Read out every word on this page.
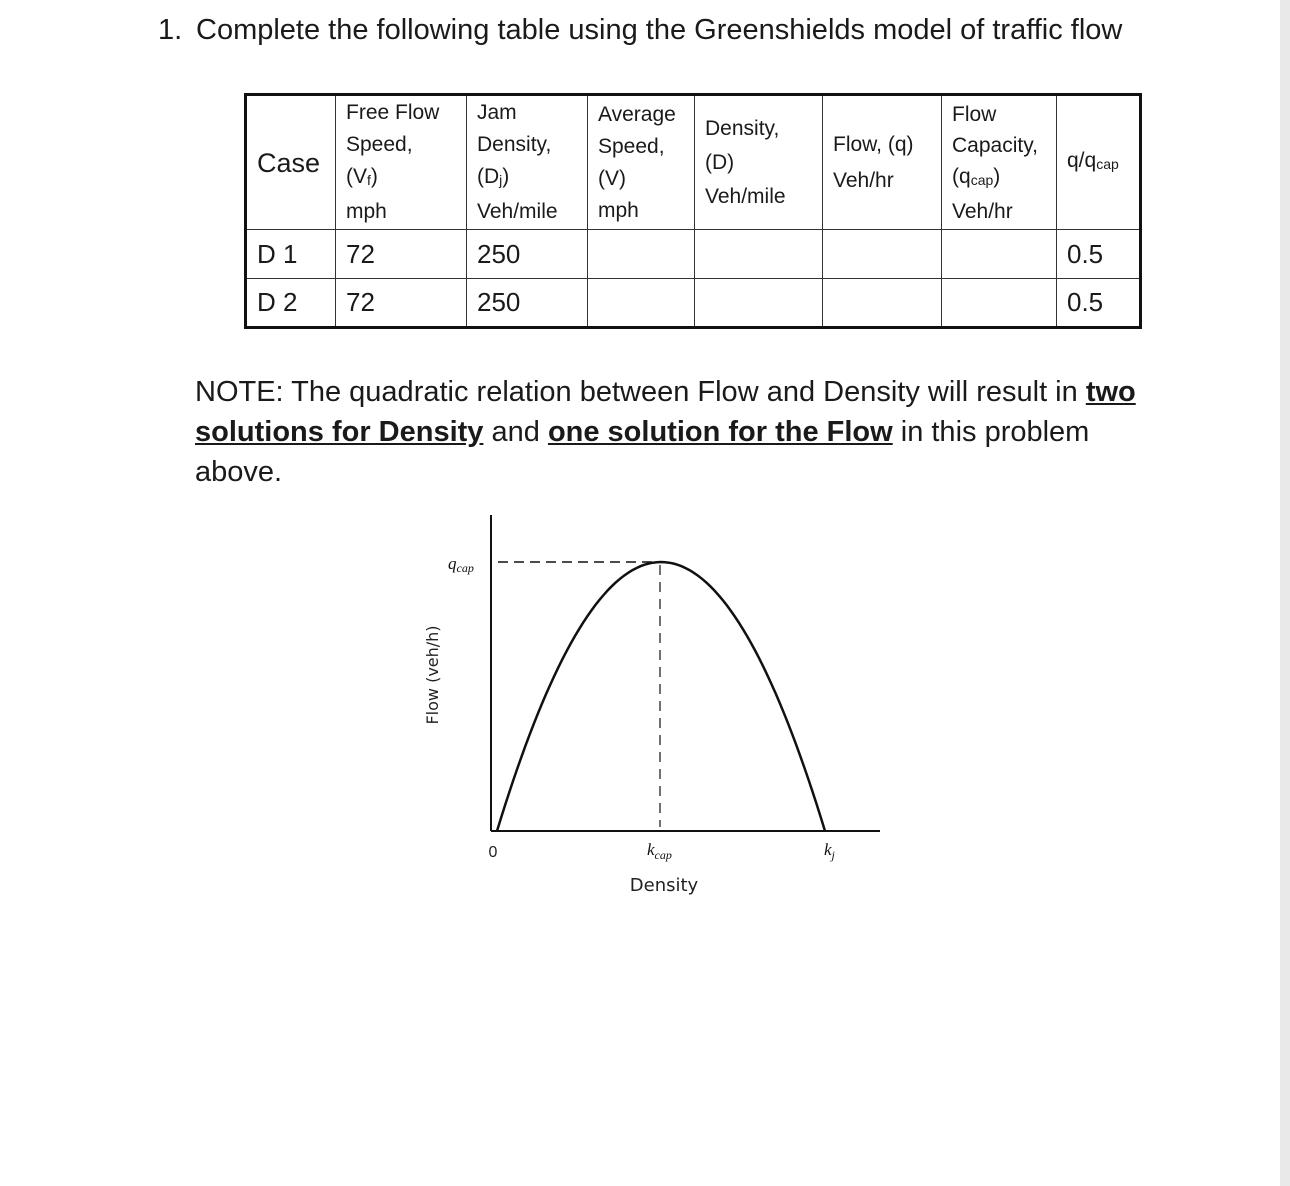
1. Complete the following table using the Greenshields model of traffic flow
Case	Free Flow
Speed,
(Vf)
mph	Jam
Density,
(Dj)
Veh/mile	Average
Speed,
(V)
mph	Density,
(D)
Veh/mile	Flow, (q)
Veh/hr	Flow
Capacity,
(qcap)
Veh/hr	q/qcap
D 1	72	250					0.5
D 2	72	250					0.5
NOTE: The quadratic relation between Flow and Density will result in two solutions for Density and one solution for the Flow in this problem above.
qcap
Flow (veh/h)
0	$k_{cap}$	$k_j$
Density
